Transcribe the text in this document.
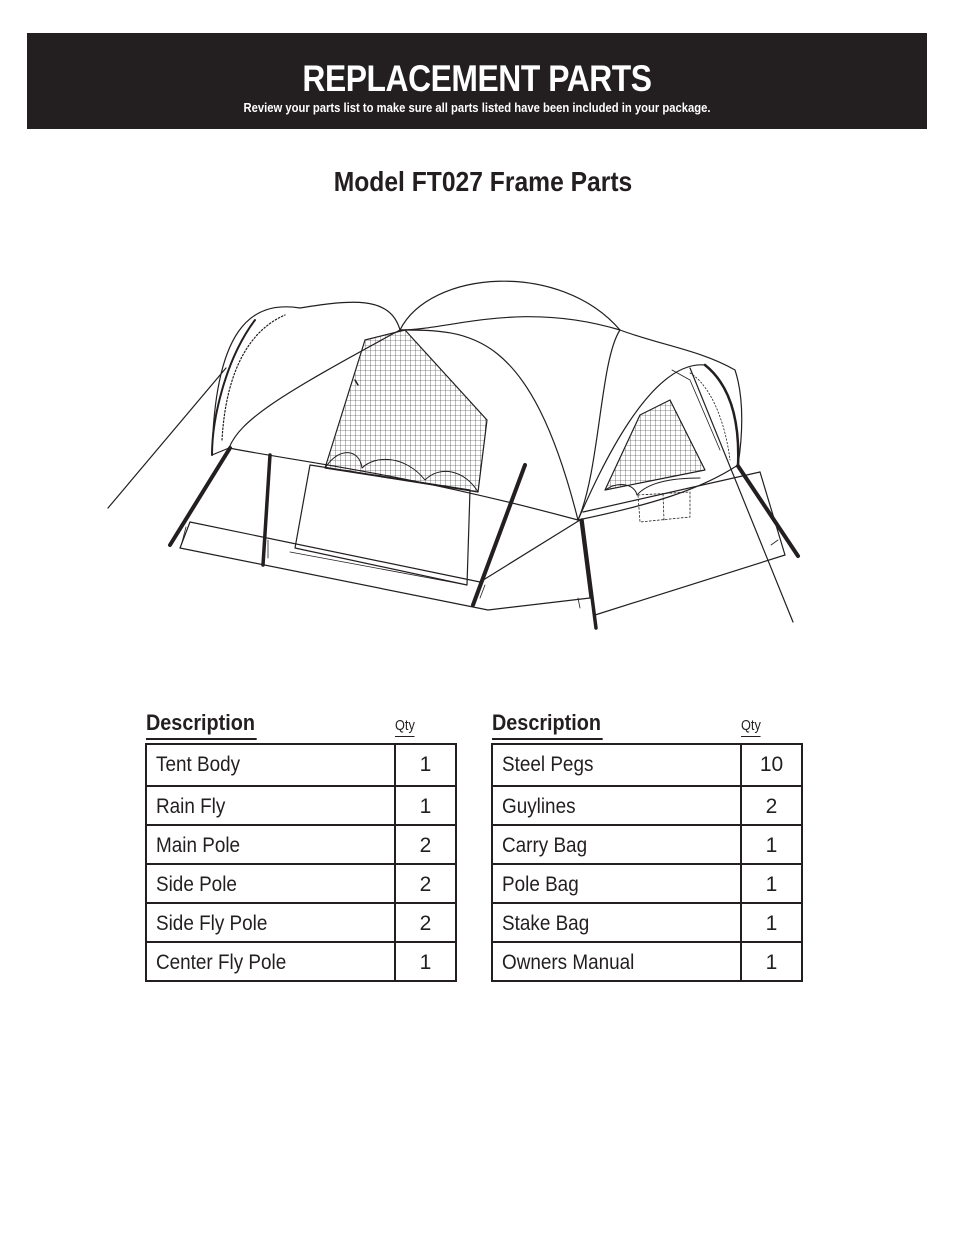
REPLACEMENT PARTS
Review your parts list to make sure all parts listed have been included in your package.
Model FT027 Frame Parts
Description	Qty
Tent Body	1
Rain Fly	1
Main Pole	2
Side Pole	2
Side Fly Pole	2
Center Fly Pole	1
Description	Qty
Steel Pegs	10
Guylines	2
Carry Bag	1
Pole Bag	1
Stake Bag	1
Owners Manual	1
